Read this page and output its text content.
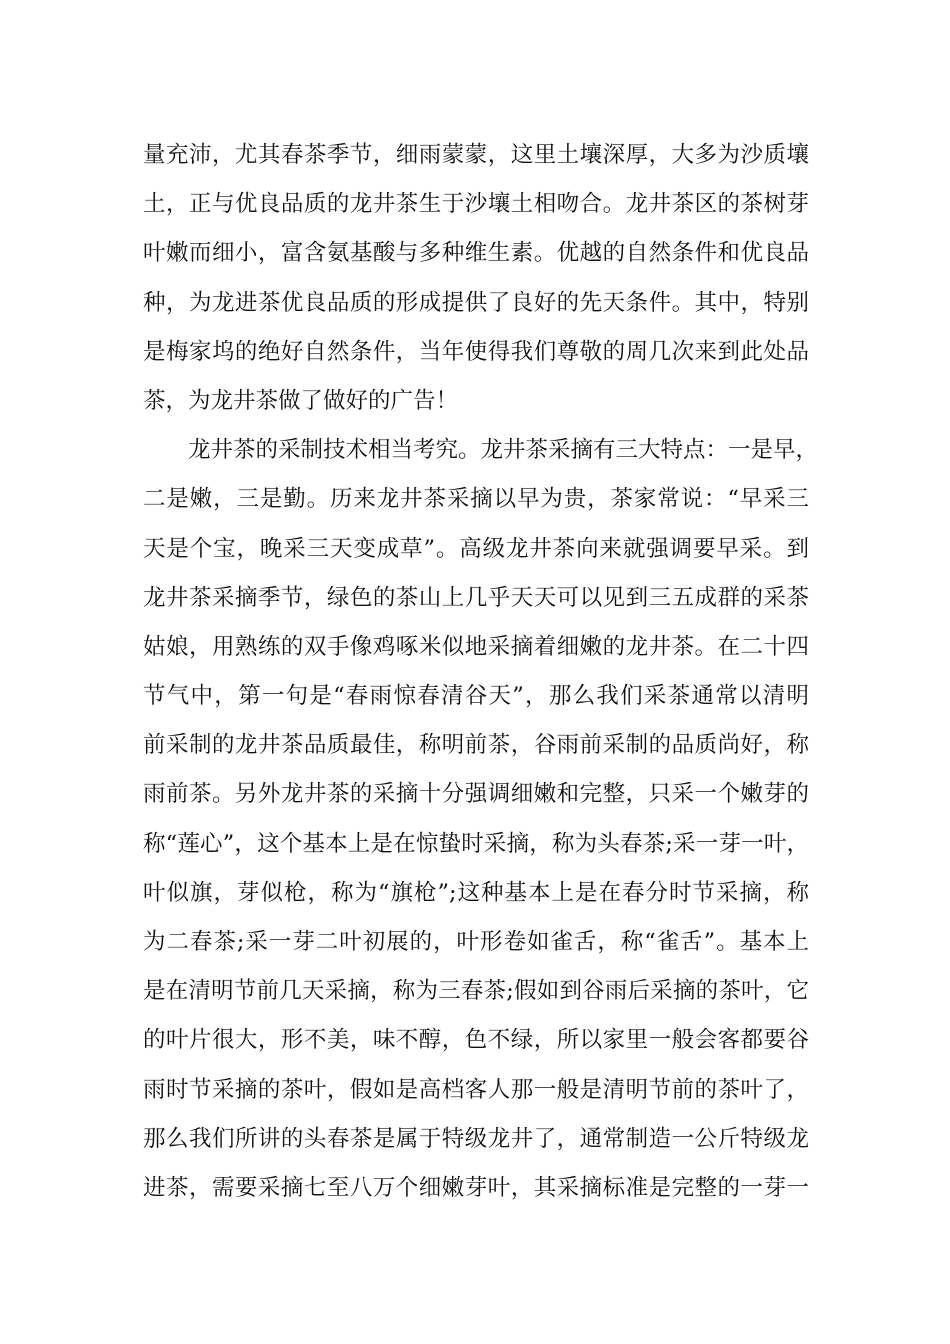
量充沛，尤其春茶季节，细雨蒙蒙，这里土壤深厚，大多为沙质壤
土，正与优良品质的龙井茶生于沙壤土相吻合。龙井茶区的茶树芽
叶嫩而细小，富含氨基酸与多种维生素。优越的自然条件和优良品
种，为龙进茶优良品质的形成提供了良好的先天条件。其中，特别
是梅家坞的绝好自然条件，当年使得我们尊敬的周几次来到此处品
茶，为龙井茶做了做好的广告！
龙井茶的采制技术相当考究。龙井茶采摘有三大特点：一是早，
二是嫩，三是勤。历来龙井茶采摘以早为贵，茶家常说：“早采三
天是个宝，晚采三天变成草”。高级龙井茶向来就强调要早采。到
龙井茶采摘季节，绿色的茶山上几乎天天可以见到三五成群的采茶
姑娘，用熟练的双手像鸡啄米似地采摘着细嫩的龙井茶。在二十四
节气中，第一句是“春雨惊春清谷天”，那么我们采茶通常以清明
前采制的龙井茶品质最佳，称明前茶，谷雨前采制的品质尚好，称
雨前茶。另外龙井茶的采摘十分强调细嫩和完整，只采一个嫩芽的
称“莲心”，这个基本上是在惊蛰时采摘，称为头春茶;采一芽一叶，
叶似旗，芽似枪，称为“旗枪”;这种基本上是在春分时节采摘，称
为二春茶;采一芽二叶初展的，叶形卷如雀舌，称“雀舌”。基本上
是在清明节前几天采摘，称为三春茶;假如到谷雨后采摘的茶叶，它
的叶片很大，形不美，味不醇，色不绿，所以家里一般会客都要谷
雨时节采摘的茶叶，假如是高档客人那一般是清明节前的茶叶了，
那么我们所讲的头春茶是属于特级龙井了，通常制造一公斤特级龙
进茶，需要采摘七至八万个细嫩芽叶，其采摘标准是完整的一芽一
